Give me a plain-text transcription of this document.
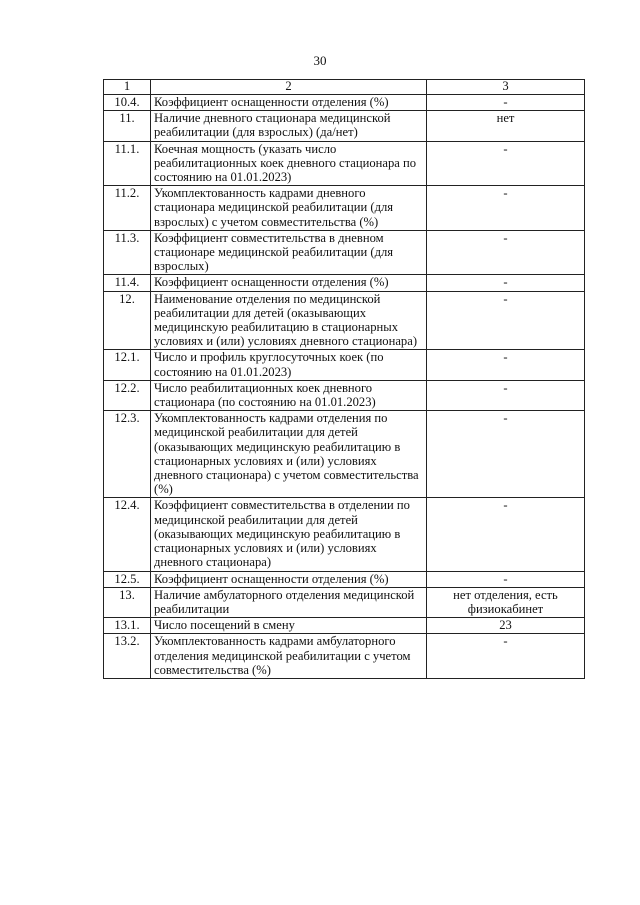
30
1	2	3
10.4.	Коэффициент оснащенности отделения (%)	-
11.	Наличие дневного стационара медицинской реабилитации (для взрослых) (да/нет)	нет
11.1.	Коечная мощность (указать число реабилитационных коек дневного стационара по состоянию на 01.01.2023)	-
11.2.	Укомплектованность кадрами дневного стационара медицинской реабилитации (для взрослых) с учетом совместительства (%)	-
11.3.	Коэффициент совместительства в дневном стационаре медицинской реабилитации (для взрослых)	-
11.4.	Коэффициент оснащенности отделения (%)	-
12.	Наименование отделения по медицинской реабилитации для детей (оказывающих медицинскую реабилитацию в стационарных условиях и (или) условиях дневного стационара)	-
12.1.	Число и профиль круглосуточных коек (по состоянию на 01.01.2023)	-
12.2.	Число реабилитационных коек дневного стационара (по состоянию на 01.01.2023)	-
12.3.	Укомплектованность кадрами отделения по медицинской реабилитации для детей (оказывающих медицинскую реабилитацию в стационарных условиях и (или) условиях дневного стационара) с учетом совместительства (%)	-
12.4.	Коэффициент совместительства в отделении по медицинской реабилитации для детей (оказывающих медицинскую реабилитацию в стационарных условиях и (или) условиях дневного стационара)	-
12.5.	Коэффициент оснащенности отделения (%)	-
13.	Наличие амбулаторного отделения медицинской реабилитации	нет отделения, есть физиокабинет
13.1.	Число посещений в смену	23
13.2.	Укомплектованность кадрами амбулаторного отделения медицинской реабилитации с учетом совместительства (%)	-
